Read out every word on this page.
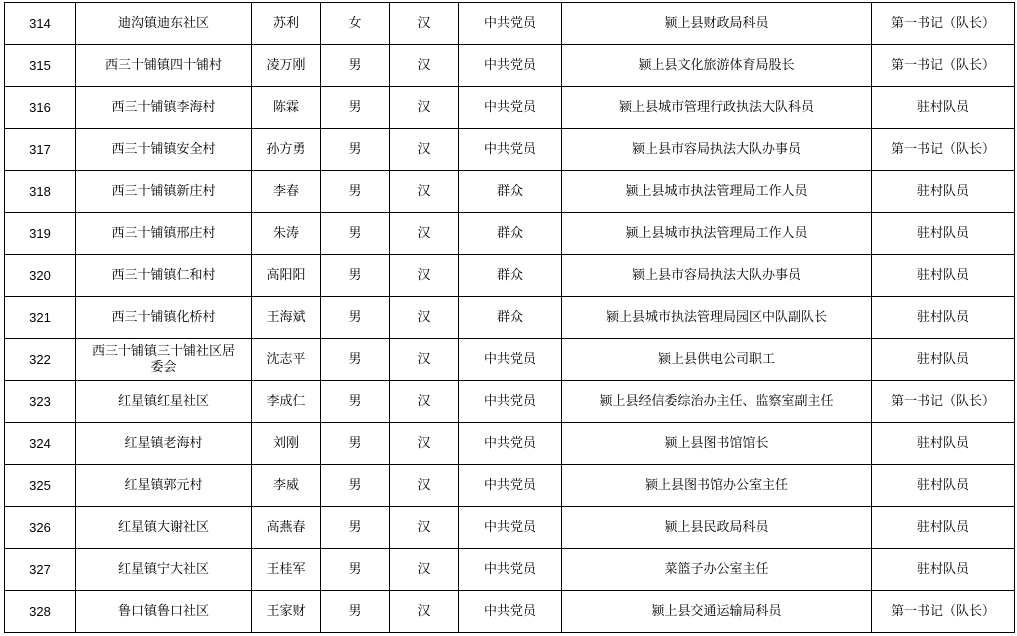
314	迪沟镇迪东社区	苏利	女	汉	中共党员	颍上县财政局科员	第一书记（队长）
315	西三十铺镇四十铺村	凌万刚	男	汉	中共党员	颍上县文化旅游体育局股长	第一书记（队长）
316	西三十铺镇李海村	陈霖	男	汉	中共党员	颍上县城市管理行政执法大队科员	驻村队员
317	西三十铺镇安全村	孙方勇	男	汉	中共党员	颍上县市容局执法大队办事员	第一书记（队长）
318	西三十铺镇新庄村	李春	男	汉	群众	颍上县城市执法管理局工作人员	驻村队员
319	西三十铺镇邢庄村	朱涛	男	汉	群众	颍上县城市执法管理局工作人员	驻村队员
320	西三十铺镇仁和村	高阳阳	男	汉	群众	颍上县市容局执法大队办事员	驻村队员
321	西三十铺镇化桥村	王海斌	男	汉	群众	颍上县城市执法管理局园区中队副队长	驻村队员
322	西三十铺镇三十铺社区居委会	沈志平	男	汉	中共党员	颍上县供电公司职工	驻村队员
323	红星镇红星社区	李成仁	男	汉	中共党员	颍上县经信委综治办主任、监察室副主任	第一书记（队长）
324	红星镇老海村	刘刚	男	汉	中共党员	颍上县图书馆馆长	驻村队员
325	红星镇郭元村	李威	男	汉	中共党员	颍上县图书馆办公室主任	驻村队员
326	红星镇大谢社区	高燕春	男	汉	中共党员	颍上县民政局科员	驻村队员
327	红星镇宁大社区	王桂军	男	汉	中共党员	菜篮子办公室主任	驻村队员
328	鲁口镇鲁口社区	王家财	男	汉	中共党员	颍上县交通运输局科员	第一书记（队长）
